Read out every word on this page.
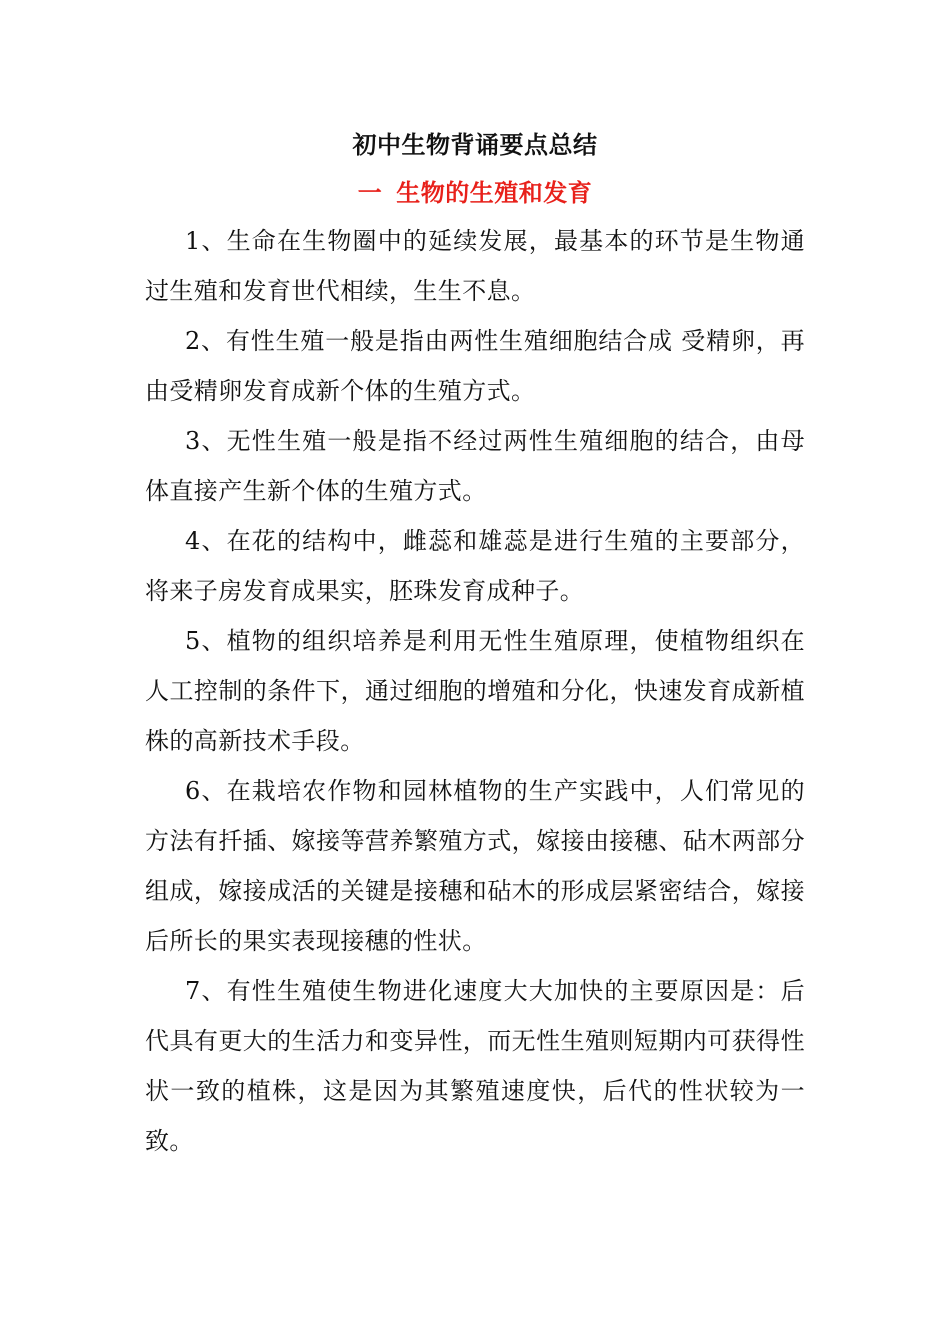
初中生物背诵要点总结
一 生物的生殖和发育

1、生命在生物圈中的延续发展，最基本的环节是生物通过生殖和发育世代相续，生生不息。

2、有性生殖一般是指由两性生殖细胞结合成 受精卵，再由受精卵发育成新个体的生殖方式。

3、无性生殖一般是指不经过两性生殖细胞的结合，由母体直接产生新个体的生殖方式。

4、在花的结构中，雌蕊和雄蕊是进行生殖的主要部分，将来子房发育成果实，胚珠发育成种子。

5、植物的组织培养是利用无性生殖原理，使植物组织在人工控制的条件下，通过细胞的增殖和分化，快速发育成新植株的高新技术手段。

6、在栽培农作物和园林植物的生产实践中，人们常见的方法有扦插、嫁接等营养繁殖方式，嫁接由接穗、砧木两部分组成，嫁接成活的关键是接穗和砧木的形成层紧密结合，嫁接后所长的果实表现接穗的性状。

7、有性生殖使生物进化速度大大加快的主要原因是：后代具有更大的生活力和变异性，而无性生殖则短期内可获得性状一致的植株，这是因为其繁殖速度快，后代的性状较为一致。
